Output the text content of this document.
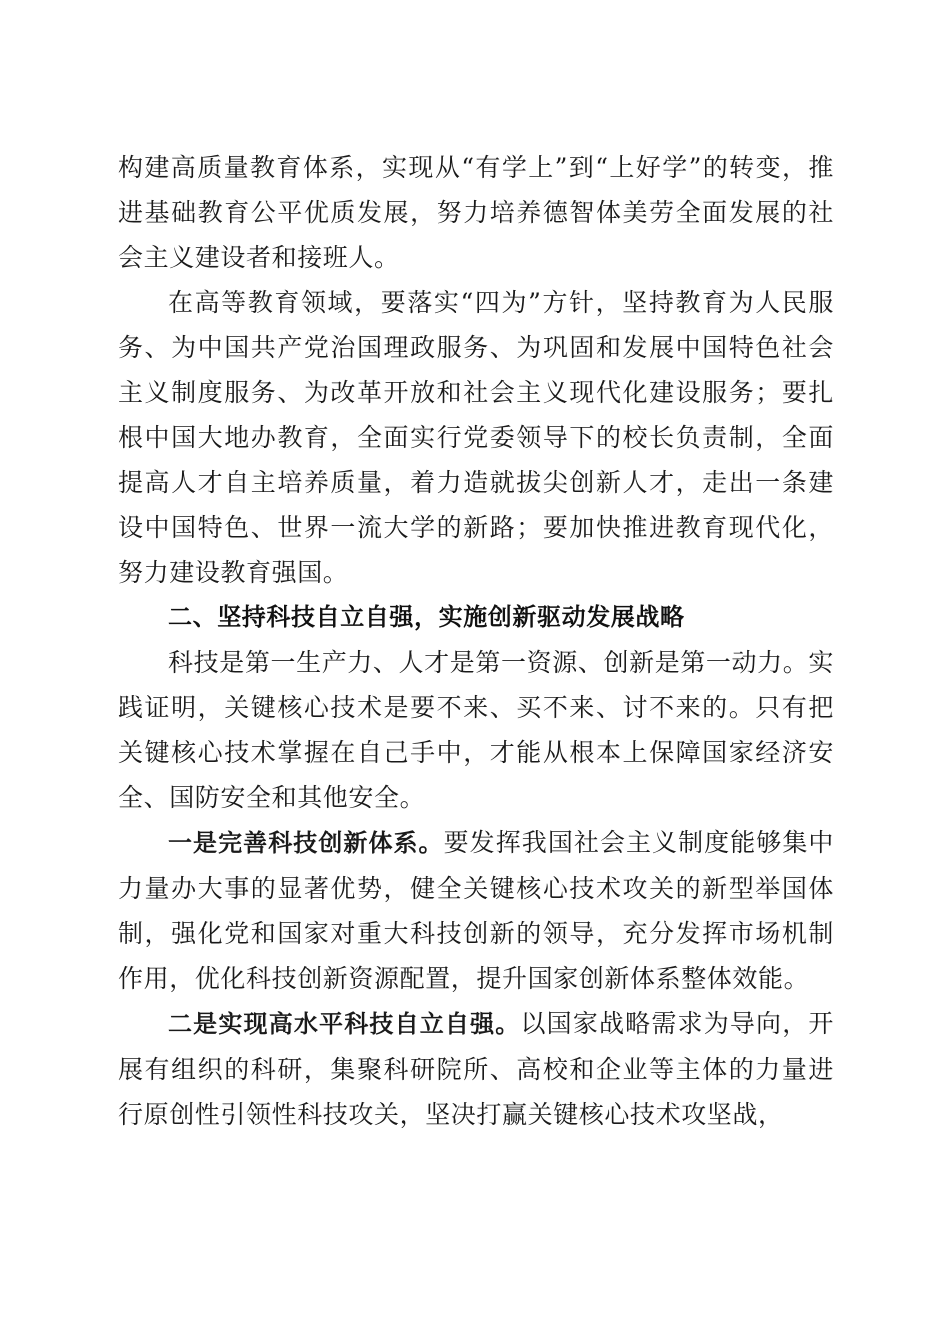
构建高质量教育体系，实现从“有学上”到“上好学”的转变，推进基础教育公平优质发展，努力培养德智体美劳全面发展的社会主义建设者和接班人。

在高等教育领域，要落实“四为”方针，坚持教育为人民服务、为中国共产党治国理政服务、为巩固和发展中国特色社会主义制度服务、为改革开放和社会主义现代化建设服务；要扎根中国大地办教育，全面实行党委领导下的校长负责制，全面提高人才自主培养质量，着力造就拔尖创新人才，走出一条建设中国特色、世界一流大学的新路；要加快推进教育现代化，努力建设教育强国。

二、坚持科技自立自强，实施创新驱动发展战略

科技是第一生产力、人才是第一资源、创新是第一动力。实践证明，关键核心技术是要不来、买不来、讨不来的。只有把关键核心技术掌握在自己手中，才能从根本上保障国家经济安全、国防安全和其他安全。

一是完善科技创新体系。要发挥我国社会主义制度能够集中力量办大事的显著优势，健全关键核心技术攻关的新型举国体制，强化党和国家对重大科技创新的领导，充分发挥市场机制作用，优化科技创新资源配置，提升国家创新体系整体效能。

二是实现高水平科技自立自强。以国家战略需求为导向，开展有组织的科研，集聚科研院所、高校和企业等主体的力量进行原创性引领性科技攻关，坚决打赢关键核心技术攻坚战，
